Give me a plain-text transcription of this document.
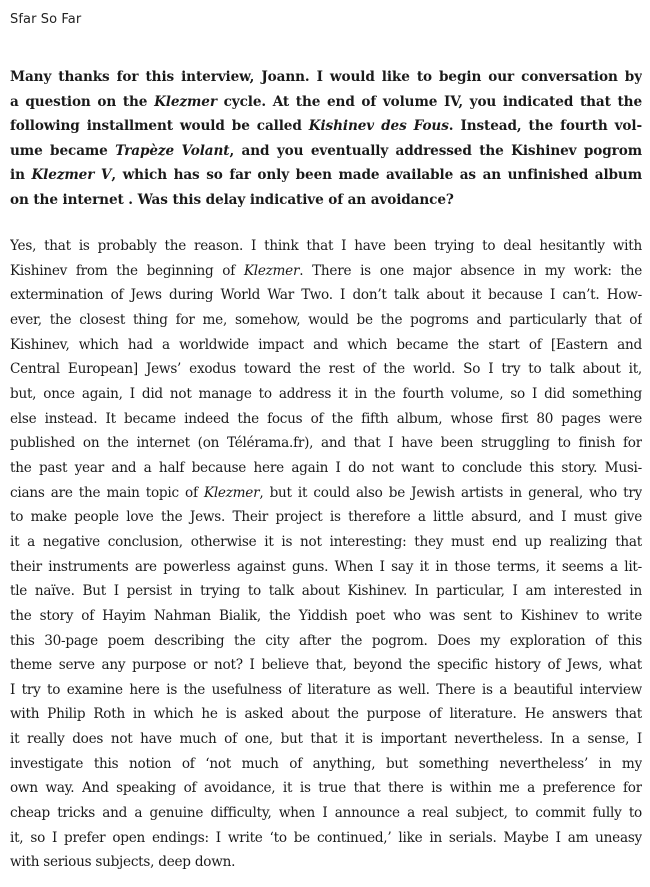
Sfar So Far

Many thanks for this interview, Joann. I would like to begin our conversation by
a question on the Klezmer cycle. At the end of volume IV, you indicated that the
following installment would be called Kishinev des Fous. Instead, the fourth vol-
ume became Trapèze Volant, and you eventually addressed the Kishinev pogrom
in Klezmer V, which has so far only been made available as an unfinished album
on the internet . Was this delay indicative of an avoidance?

Yes, that is probably the reason. I think that I have been trying to deal hesitantly with
Kishinev from the beginning of Klezmer. There is one major absence in my work: the
extermination of Jews during World War Two. I don’t talk about it because I can’t. How-
ever, the closest thing for me, somehow, would be the pogroms and particularly that of
Kishinev, which had a worldwide impact and which became the start of [Eastern and
Central European] Jews’ exodus toward the rest of the world. So I try to talk about it,
but, once again, I did not manage to address it in the fourth volume, so I did something
else instead. It became indeed the focus of the fifth album, whose first 80 pages were
published on the internet (on Télérama.fr), and that I have been struggling to finish for
the past year and a half because here again I do not want to conclude this story. Musi-
cians are the main topic of Klezmer, but it could also be Jewish artists in general, who try
to make people love the Jews. Their project is therefore a little absurd, and I must give
it a negative conclusion, otherwise it is not interesting: they must end up realizing that
their instruments are powerless against guns. When I say it in those terms, it seems a lit-
tle naïve. But I persist in trying to talk about Kishinev. In particular, I am interested in
the story of Hayim Nahman Bialik, the Yiddish poet who was sent to Kishinev to write
this 30-page poem describing the city after the pogrom. Does my exploration of this
theme serve any purpose or not? I believe that, beyond the specific history of Jews, what
I try to examine here is the usefulness of literature as well. There is a beautiful interview
with Philip Roth in which he is asked about the purpose of literature. He answers that
it really does not have much of one, but that it is important nevertheless. In a sense, I
investigate this notion of ‘not much of anything, but something nevertheless’ in my
own way. And speaking of avoidance, it is true that there is within me a preference for
cheap tricks and a genuine difficulty, when I announce a real subject, to commit fully to
it, so I prefer open endings: I write ‘to be continued,’ like in serials. Maybe I am uneasy
with serious subjects, deep down.
